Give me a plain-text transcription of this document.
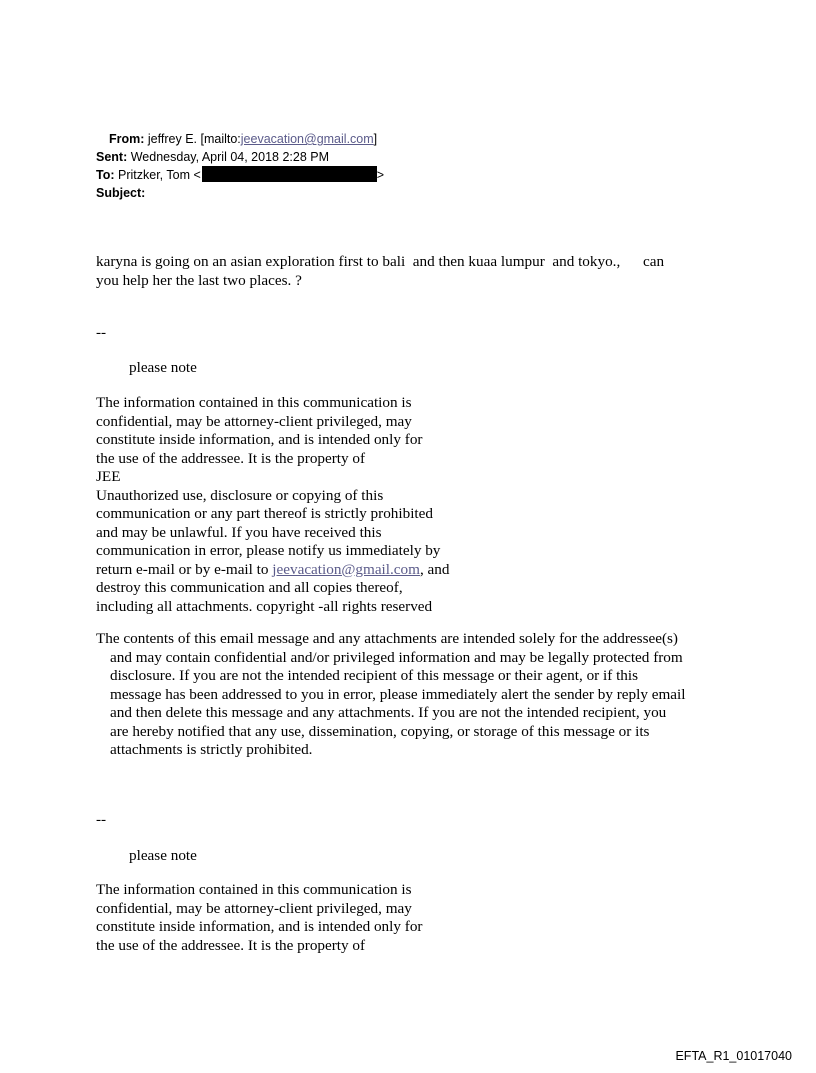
From: jeffrey E. [mailto:jeevacation@gmail.com]
Sent: Wednesday, April 04, 2018 2:28 PM
To: Pritzker, Tom <	>
Subject:
karyna is going on an asian exploration first to bali  and then kuaa lumpur  and tokyo.,      can
you help her the last two places. ?
--
please note
The information contained in this communication is
confidential, may be attorney-client privileged, may
constitute inside information, and is intended only for
the use of the addressee. It is the property of
JEE
Unauthorized use, disclosure or copying of this
communication or any part thereof is strictly prohibited
and may be unlawful. If you have received this
communication in error, please notify us immediately by
return e-mail or by e-mail to jeevacation@gmail.com, and
destroy this communication and all copies thereof,
including all attachments. copyright -all rights reserved
The contents of this email message and any attachments are intended solely for the addressee(s)
and may contain confidential and/or privileged information and may be legally protected from
disclosure. If you are not the intended recipient of this message or their agent, or if this
message has been addressed to you in error, please immediately alert the sender by reply email
and then delete this message and any attachments. If you are not the intended recipient, you
are hereby notified that any use, dissemination, copying, or storage of this message or its
attachments is strictly prohibited.
--
please note
The information contained in this communication is
confidential, may be attorney-client privileged, may
constitute inside information, and is intended only for
the use of the addressee. It is the property of
EFTA_R1_01017040
